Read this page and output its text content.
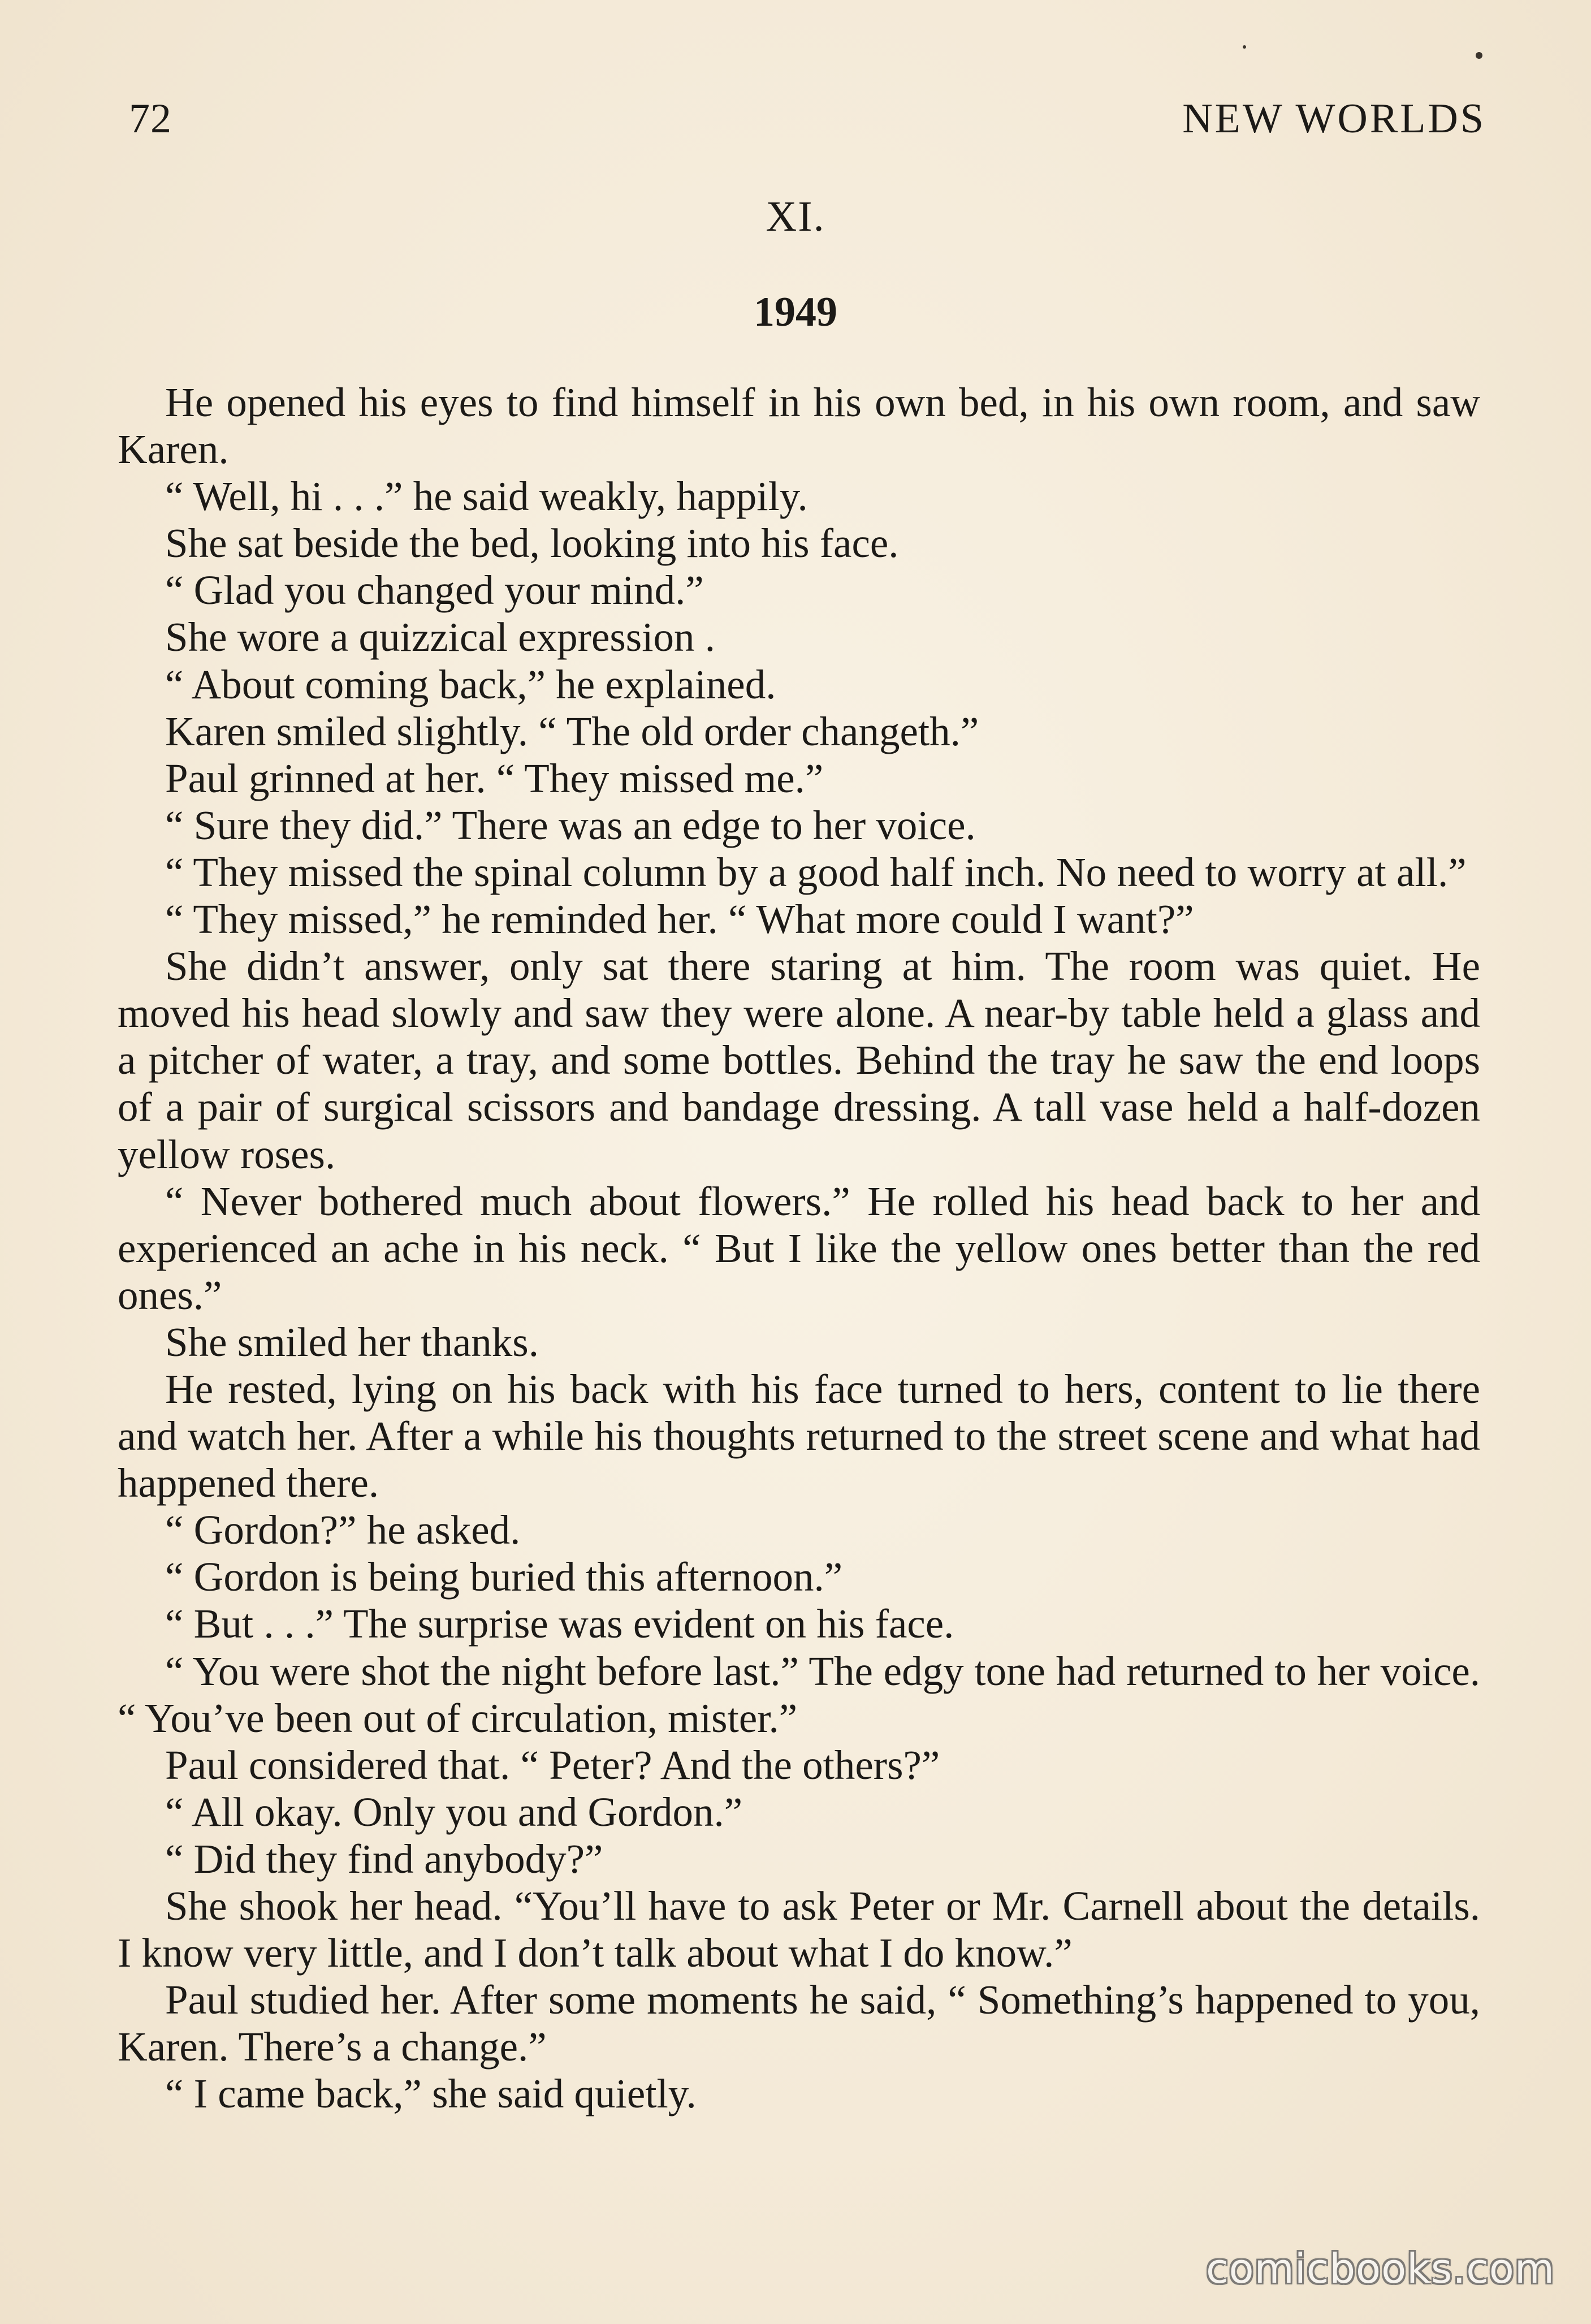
72	NEW WORLDS
XI.
1949

He opened his eyes to find himself in his own bed, in his own room, and saw Karen.

“ Well, hi . . .” he said weakly, happily.

She sat beside the bed, looking into his face.

“ Glad you changed your mind.”

She wore a quizzical expression .

“ About coming back,” he explained.

Karen smiled slightly. “ The old order changeth.”

Paul grinned at her. “ They missed me.”

“ Sure they did.” There was an edge to her voice.

“ They missed the spinal column by a good half inch. No need to worry at all.”

“ They missed,” he reminded her. “ What more could I want?”

She didn’t answer, only sat there staring at him. The room was quiet. He moved his head slowly and saw they were alone. A near-by table held a glass and a pitcher of water, a tray, and some bottles. Behind the tray he saw the end loops of a pair of surgical scissors and bandage dressing. A tall vase held a half-dozen yellow roses.

“ Never bothered much about flowers.” He rolled his head back to her and experienced an ache in his neck. “ But I like the yellow ones better than the red ones.”

She smiled her thanks.

He rested, lying on his back with his face turned to hers, content to lie there and watch her. After a while his thoughts returned to the street scene and what had happened there.

“ Gordon?” he asked.

“ Gordon is being buried this afternoon.”

“ But . . .” The surprise was evident on his face.

“ You were shot the night before last.” The edgy tone had returned to her voice. “ You’ve been out of circulation, mister.”

Paul considered that. “ Peter? And the others?”

“ All okay. Only you and Gordon.”

“ Did they find anybody?”

She shook her head. “You’ll have to ask Peter or Mr. Carnell about the details. I know very little, and I don’t talk about what I do know.”

Paul studied her. After some moments he said, “ Something’s happened to you, Karen. There’s a change.”

“ I came back,” she said quietly.

comicbooks.com
